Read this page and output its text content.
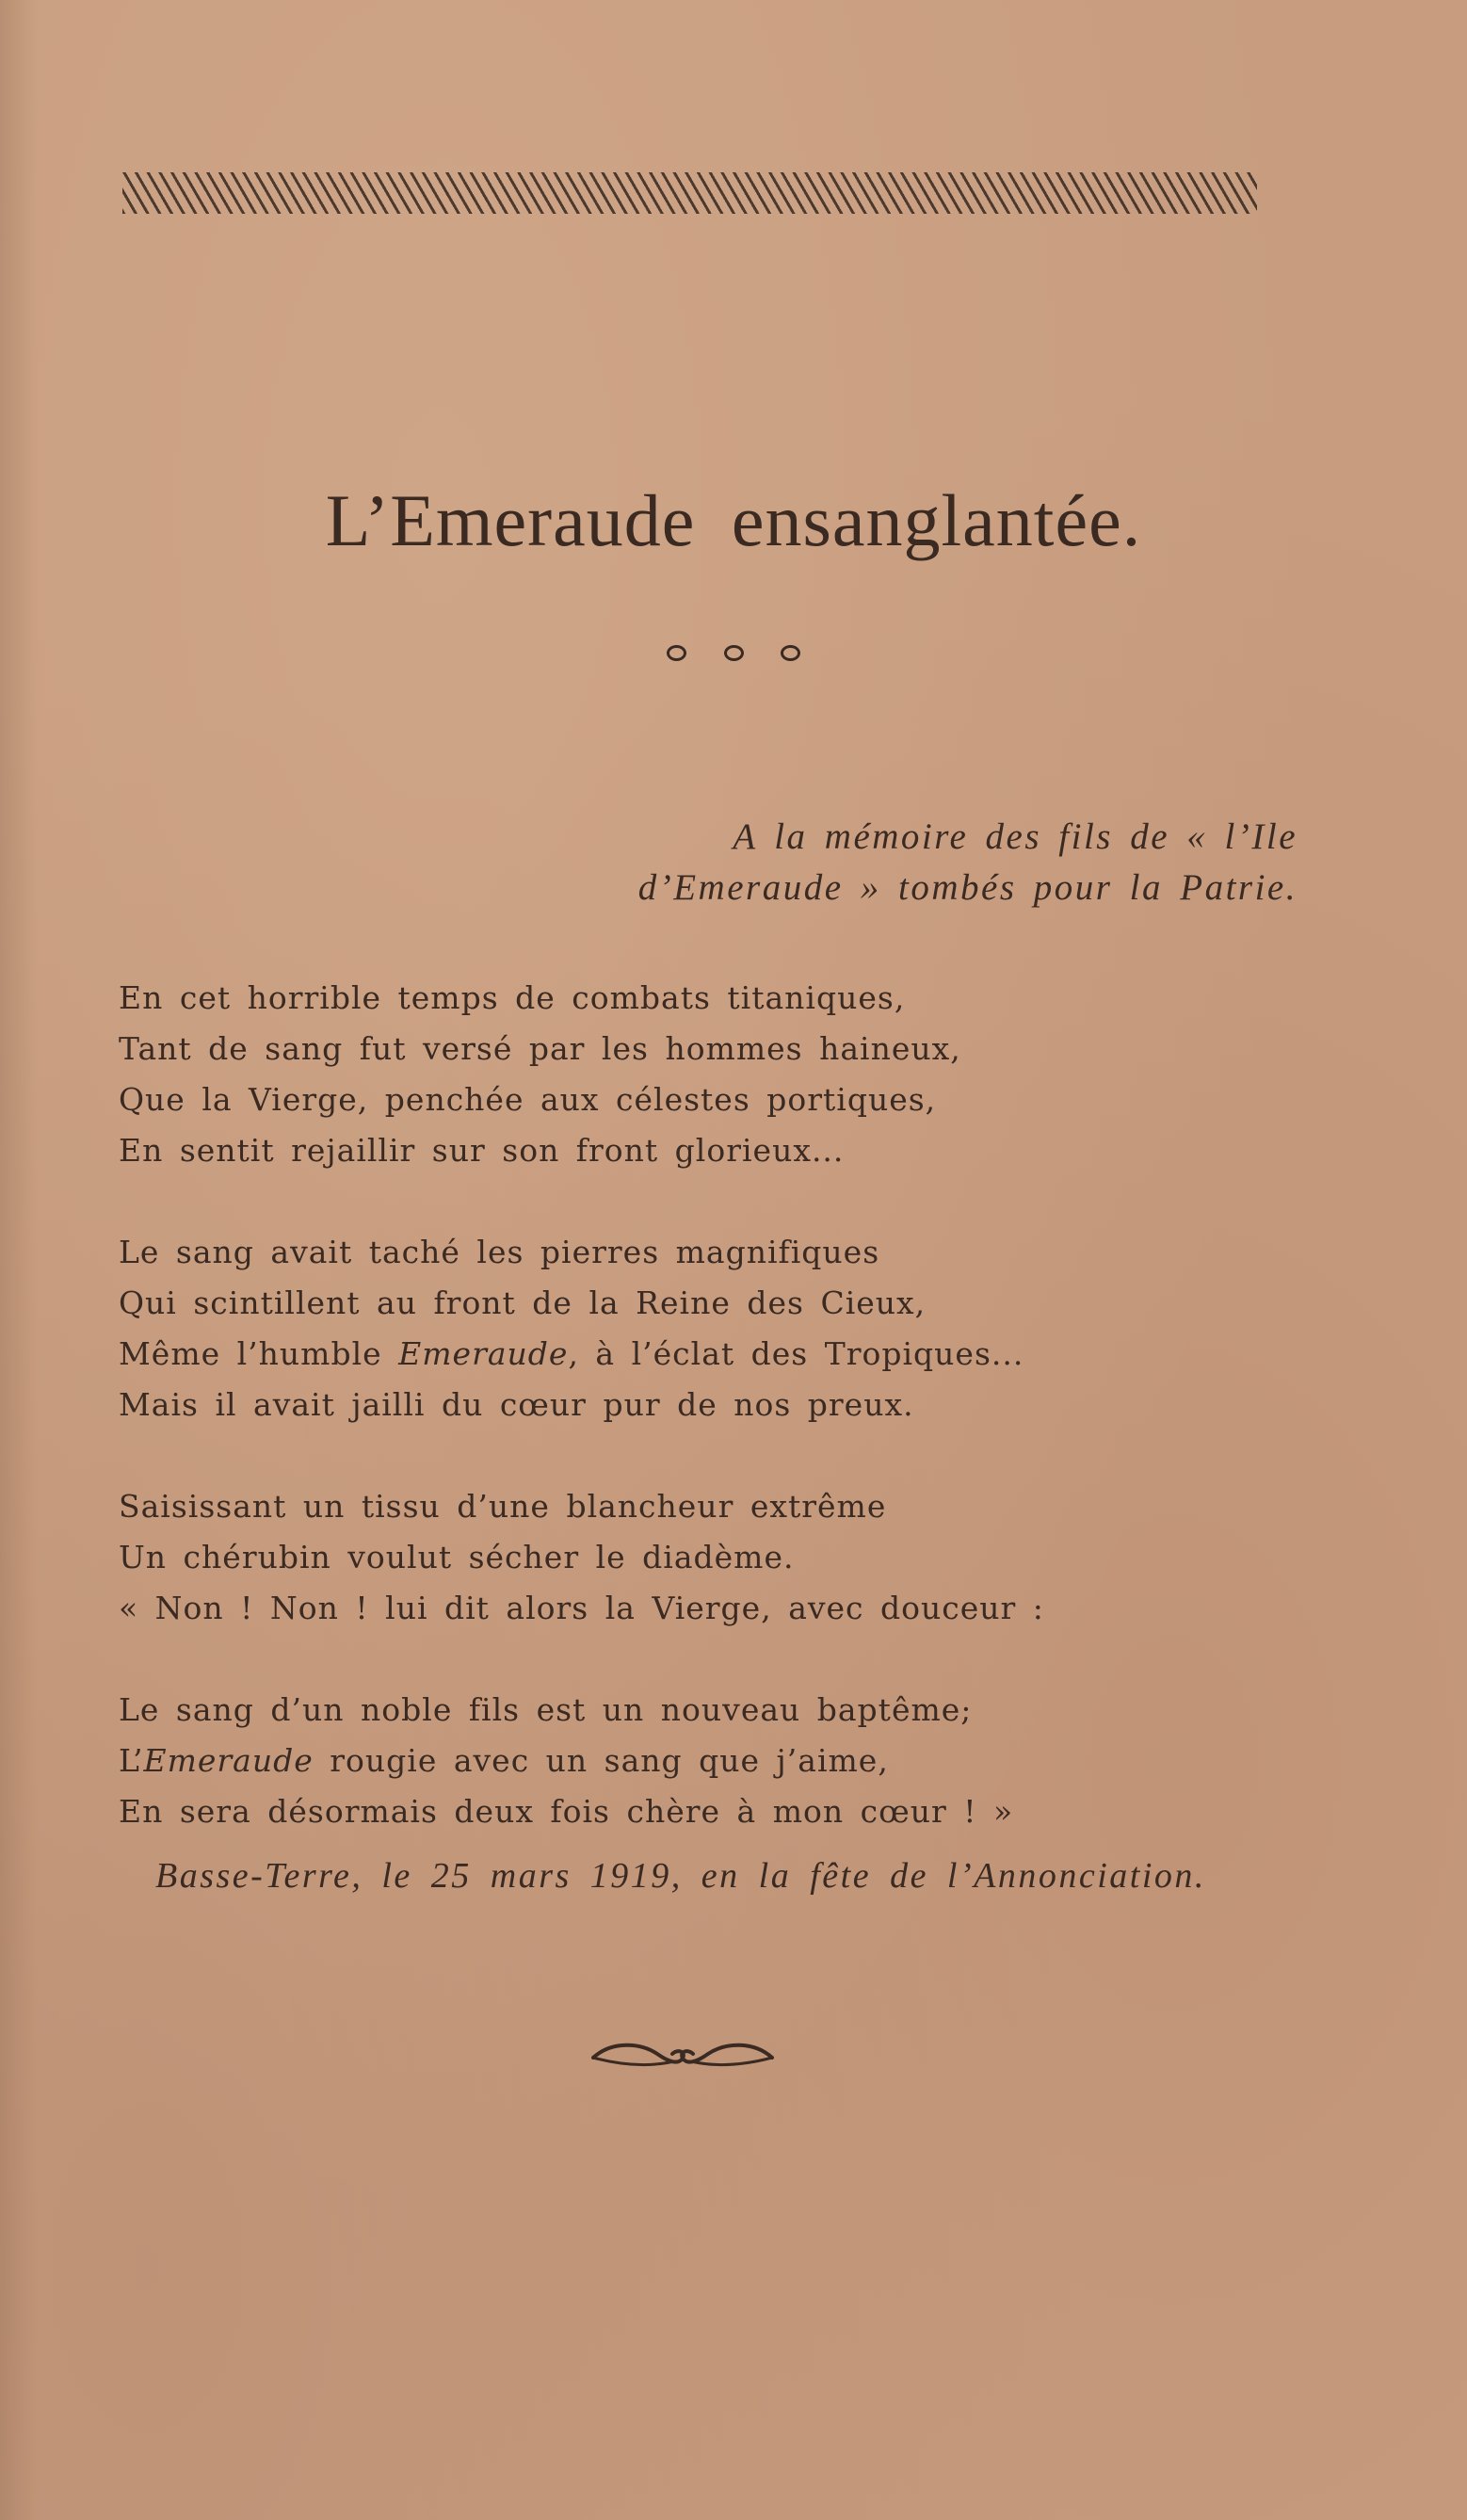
L’Emeraude ensanglantée.

A la mémoire des fils de « l’Ile
d’Emeraude » tombés pour la Patrie.
En cet horrible temps de combats titaniques,
Tant de sang fut versé par les hommes haineux,
Que la Vierge, penchée aux célestes portiques,
En sentit rejaillir sur son front glorieux...
Le sang avait taché les pierres magnifiques
Qui scintillent au front de la Reine des Cieux,
Même l’humble Emeraude, à l’éclat des Tropiques...
Mais il avait jailli du cœur pur de nos preux.
Saisissant un tissu d’une blancheur extrême
Un chérubin voulut sécher le diadème.
« Non ! Non ! lui dit alors la Vierge, avec douceur :
Le sang d’un noble fils est un nouveau baptême;
L’Emeraude rougie avec un sang que j’aime,
En sera désormais deux fois chère à mon cœur ! »
Basse-Terre, le 25 mars 1919, en la fête de l’Annonciation.
